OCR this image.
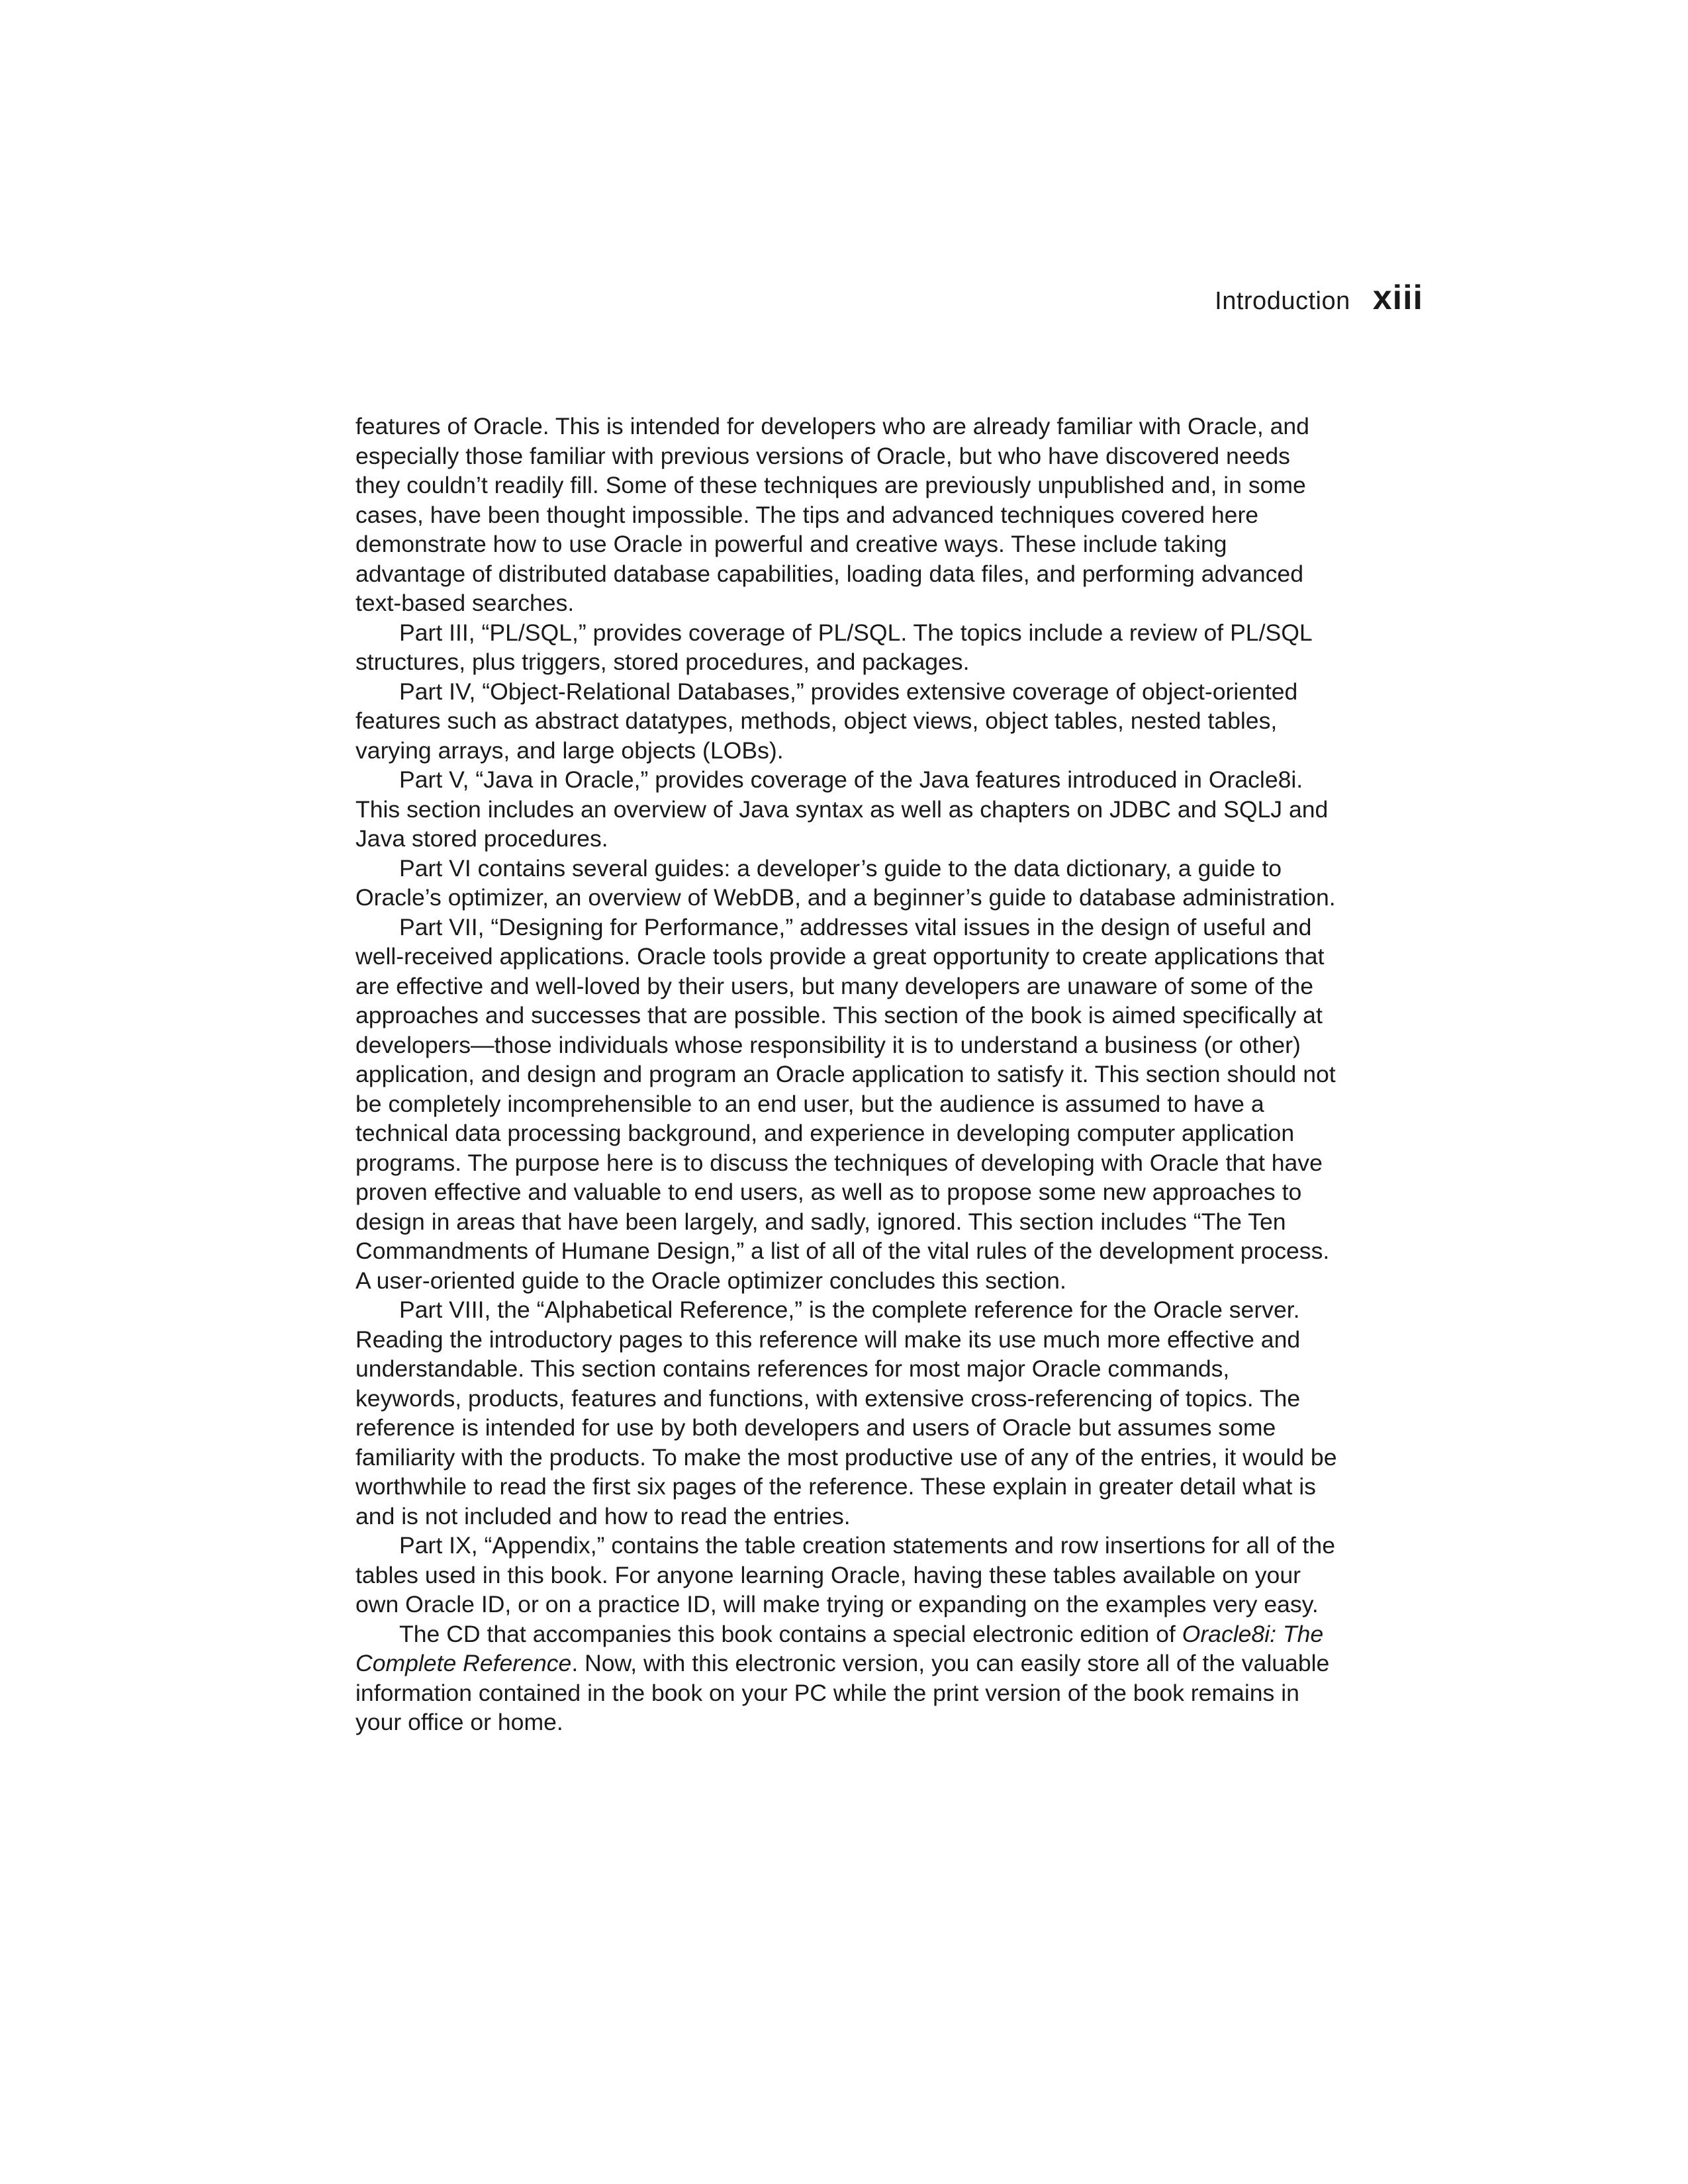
Introduction xiii

features of Oracle. This is intended for developers who are already familiar with Oracle, and especially those familiar with previous versions of Oracle, but who have discovered needs they couldn’t readily fill. Some of these techniques are previously unpublished and, in some cases, have been thought impossible. The tips and advanced techniques covered here demonstrate how to use Oracle in powerful and creative ways. These include taking advantage of distributed database capabilities, loading data files, and performing advanced text-based searches.

Part III, “PL/SQL,” provides coverage of PL/SQL. The topics include a review of PL/SQL structures, plus triggers, stored procedures, and packages.

Part IV, “Object-Relational Databases,” provides extensive coverage of object-oriented features such as abstract datatypes, methods, object views, object tables, nested tables, varying arrays, and large objects (LOBs).

Part V, “Java in Oracle,” provides coverage of the Java features introduced in Oracle8i. This section includes an overview of Java syntax as well as chapters on JDBC and SQLJ and Java stored procedures.

Part VI contains several guides: a developer’s guide to the data dictionary, a guide to Oracle’s optimizer, an overview of WebDB, and a beginner’s guide to database administration.

Part VII, “Designing for Performance,” addresses vital issues in the design of useful and well-received applications. Oracle tools provide a great opportunity to create applications that are effective and well-loved by their users, but many developers are unaware of some of the approaches and successes that are possible. This section of the book is aimed specifically at developers—those individuals whose responsibility it is to understand a business (or other) application, and design and program an Oracle application to satisfy it. This section should not be completely incomprehensible to an end user, but the audience is assumed to have a technical data processing background, and experience in developing computer application programs. The purpose here is to discuss the techniques of developing with Oracle that have proven effective and valuable to end users, as well as to propose some new approaches to design in areas that have been largely, and sadly, ignored. This section includes “The Ten Commandments of Humane Design,” a list of all of the vital rules of the development process. A user-oriented guide to the Oracle optimizer concludes this section.

Part VIII, the “Alphabetical Reference,” is the complete reference for the Oracle server. Reading the introductory pages to this reference will make its use much more effective and understandable. This section contains references for most major Oracle commands, keywords, products, features and functions, with extensive cross-referencing of topics. The reference is intended for use by both developers and users of Oracle but assumes some familiarity with the products. To make the most productive use of any of the entries, it would be worthwhile to read the first six pages of the reference. These explain in greater detail what is and is not included and how to read the entries.

Part IX, “Appendix,” contains the table creation statements and row insertions for all of the tables used in this book. For anyone learning Oracle, having these tables available on your own Oracle ID, or on a practice ID, will make trying or expanding on the examples very easy.

The CD that accompanies this book contains a special electronic edition of Oracle8i: The Complete Reference. Now, with this electronic version, you can easily store all of the valuable information contained in the book on your PC while the print version of the book remains in your office or home.
